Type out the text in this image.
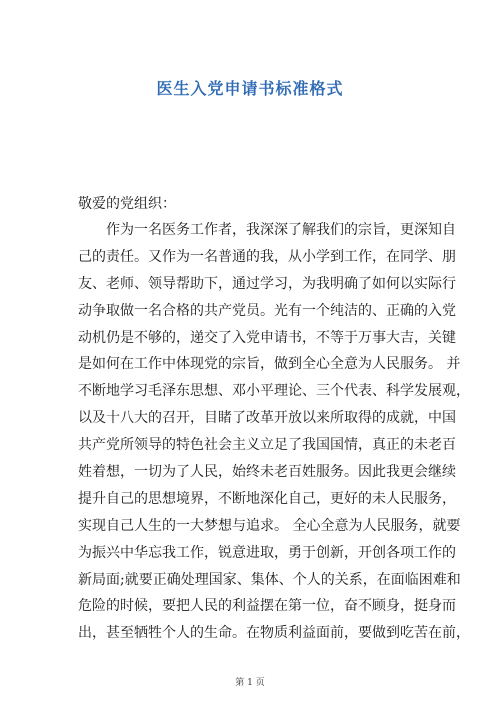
医生入党申请书标准格式
敬爱的党组织：
作为一名医务工作者，我深深了解我们的宗旨，更深知自
己的责任。又作为一名普通的我，从小学到工作，在同学、朋
友、老师、领导帮助下，通过学习，为我明确了如何以实际行
动争取做一名合格的共产党员。光有一个纯洁的、正确的入党
动机仍是不够的，递交了入党申请书，不等于万事大吉，关键
是如何在工作中体现党的宗旨，做到全心全意为人民服务。 并
不断地学习毛泽东思想、邓小平理论、三个代表、科学发展观，
以及十八大的召开，目睹了改革开放以来所取得的成就，中国
共产党所领导的特色社会主义立足了我国国情，真正的未老百
姓着想，一切为了人民，始终未老百姓服务。因此我更会继续
提升自己的思想境界，不断地深化自己，更好的未人民服务，
实现自己人生的一大梦想与追求。 全心全意为人民服务，就要
为振兴中华忘我工作，锐意进取，勇于创新，开创各项工作的
新局面;就要正确处理国家、集体、个人的关系，在面临困难和
危险的时候，要把人民的利益摆在第一位，奋不顾身，挺身而
出，甚至牺牲个人的生命。在物质利益面前，要做到吃苦在前，
第 1 页
